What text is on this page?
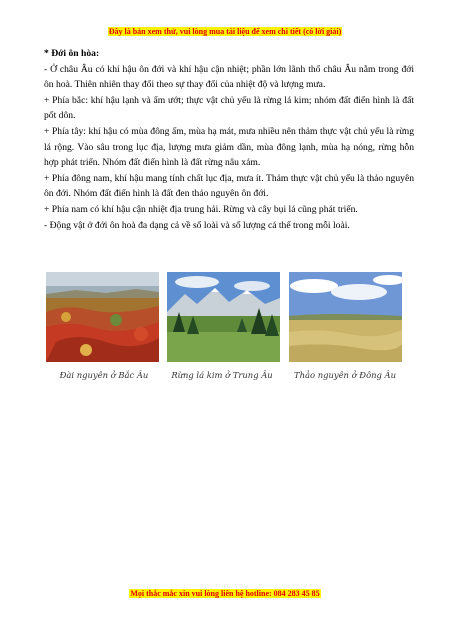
Đây là bản xem thử, vui lòng mua tài liệu để xem chi tiết (có lời giải)

* Đới ôn hòa:

- Ở châu Âu có khí hậu ôn đới và khí hậu cận nhiệt; phần lớn lãnh thổ châu Âu nằm trong đới ôn hoà. Thiên nhiên thay đổi theo sự thay đổi của nhiệt độ và lượng mưa.

+ Phía bắc: khí hậu lạnh và ẩm ướt; thực vật chủ yếu là rừng lá kim; nhóm đất điển hình là đất pốt dôn.

+ Phía tây: khí hậu có mùa đông ấm, mùa hạ mát, mưa nhiều nên thảm thực vật chủ yếu là rừng lá rộng. Vào sâu trong lục địa, lượng mưa giảm dần, mùa đông lạnh, mùa hạ nóng, rừng hỗn hợp phát triển. Nhóm đất điển hình là đất rừng nâu xám.

+ Phía đông nam, khí hậu mang tính chất lục địa, mưa ít. Thảm thực vật chủ yếu là thảo nguyên ôn đới. Nhóm đất điển hình là đất đen thảo nguyên ôn đới.

+ Phía nam có khí hậu cận nhiệt địa trung hải. Rừng và cây bụi lá cũng phát triển.

- Động vật ở đới ôn hoà đa dạng cả về số loài và số lượng cá thể trong mỗi loài.

Đài nguyên ở Bắc Âu	Rừng lá kim ở Trung Âu	Thảo nguyên ở Đông Âu
Mọi thắc mắc xin vui lòng liên hệ hotline: 084 283 45 85
